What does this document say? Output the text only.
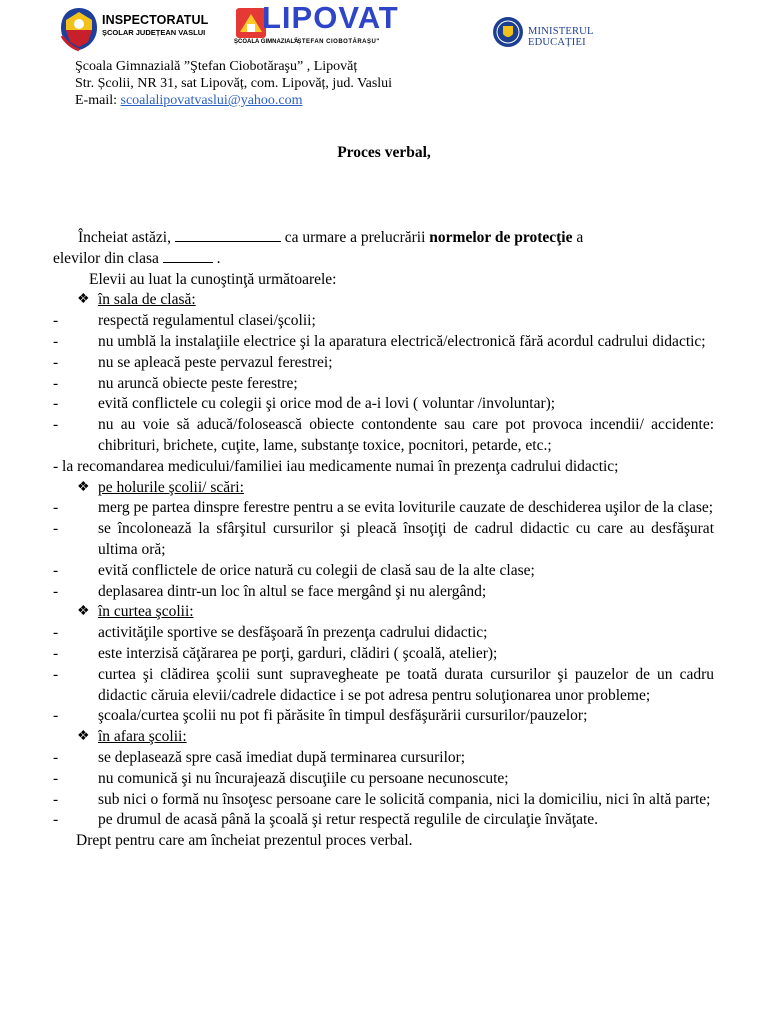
INSPECTORATUL
ȘCOLAR JUDEȚEAN VASLUI LIPOVAT
ȘCOALA GIMNAZIALĂ
"ȘTEFAN CIOBOTĂRAȘU"
MINISTERUL EDUCAȚIEI
Şcoala Gimnazială ”Ştefan Ciobotăraşu” , Lipovăț
Str. Școlii, NR 31, sat Lipovăț, com. Lipovăț, jud. Vaslui
E-mail: scoalalipovatvaslui@yahoo.com
Proces verbal,
Încheiat astăzi,	ca urmare a prelucrării normelor de protecţie a
elevilor din clasa	.
Elevii au luat la cunoştinţă următoarele:
❖ în sala de clasă:
-	respectă regulamentul clasei/şcolii;
-	nu umblă la instalaţiile electrice şi la aparatura electrică/electronică fără acordul cadrului didactic;
-	nu se apleacă peste pervazul ferestrei;
-	nu aruncă obiecte peste ferestre;
-	evită conflictele cu colegii şi orice mod de a-i lovi ( voluntar /involuntar);
-	nu au voie să aducă/folosească obiecte contondente sau care pot provoca incendii/ accidente: chibrituri, brichete, cuţite, lame, substanţe toxice, pocnitori, petarde, etc.;
- la recomandarea medicului/familiei iau medicamente numai în prezenţa cadrului didactic;
❖ pe holurile şcolii/ scări:
-	merg pe partea dinspre ferestre pentru a se evita loviturile cauzate de deschiderea uşilor de la clase;
-	se încolonează la sfârşitul cursurilor şi pleacă însoţiţi de cadrul didactic cu care au desfăşurat ultima oră;
-	evită conflictele de orice natură cu colegii de clasă sau de la alte clase;
-	deplasarea dintr-un loc în altul se face mergând şi nu alergând;
❖ în curtea şcolii:
-	activităţile sportive se desfăşoară în prezenţa cadrului didactic;
-	este interzisă căţărarea pe porţi, garduri, clădiri ( şcoală, atelier);
-	curtea şi clădirea şcolii sunt supravegheate pe toată durata cursurilor şi pauzelor de un cadru didactic căruia elevii/cadrele didactice i se pot adresa pentru soluţionarea unor probleme;
-	şcoala/curtea şcolii nu pot fi părăsite în timpul desfăşurării cursurilor/pauzelor;
❖ în afara şcolii:
-	se deplasează spre casă imediat după terminarea cursurilor;
-	nu comunică şi nu încurajează discuţiile cu persoane necunoscute;
-	sub nici o formă nu însoţesc persoane care le solicită compania, nici la domiciliu, nici în altă parte;
-	pe drumul de acasă până la şcoală şi retur respectă regulile de circulaţie învăţate.
Drept pentru care am încheiat prezentul proces verbal.
